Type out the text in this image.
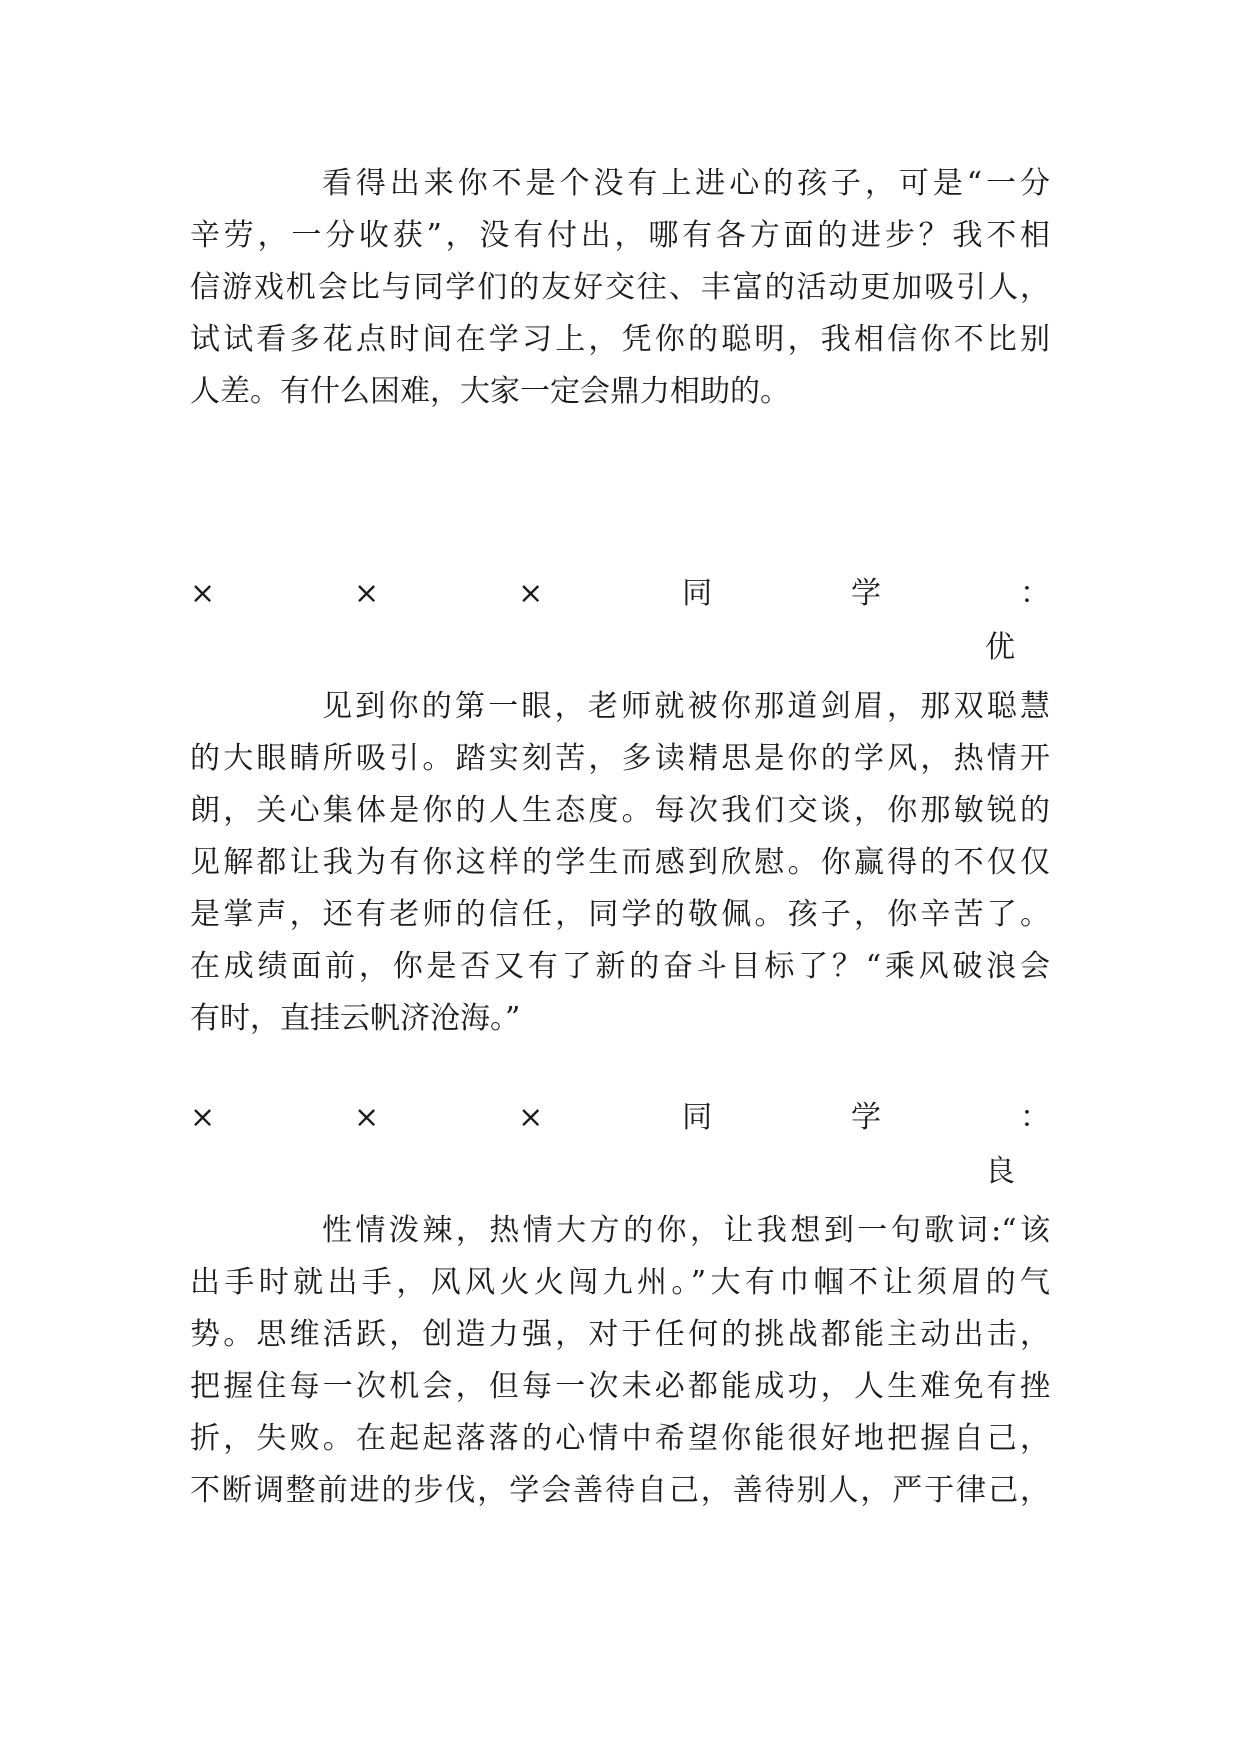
看得出来你不是个没有上进心的孩子，可是“一分
辛劳，一分收获”，没有付出，哪有各方面的进步？我不相
信游戏机会比与同学们的友好交往、丰富的活动更加吸引人，
试试看多花点时间在学习上，凭你的聪明，我相信你不比别
人差。有什么困难，大家一定会鼎力相助的。
×	×	×	同	学	：
优
见到你的第一眼，老师就被你那道剑眉，那双聪慧
的大眼睛所吸引。踏实刻苦，多读精思是你的学风，热情开
朗，关心集体是你的人生态度。每次我们交谈，你那敏锐的
见解都让我为有你这样的学生而感到欣慰。你赢得的不仅仅
是掌声，还有老师的信任，同学的敬佩。孩子，你辛苦了。
在成绩面前，你是否又有了新的奋斗目标了？“乘风破浪会
有时，直挂云帆济沧海。”
×	×	×	同	学	：
良
性情泼辣，热情大方的你，让我想到一句歌词:“该
出手时就出手，风风火火闯九州。”大有巾帼不让须眉的气
势。思维活跃，创造力强，对于任何的挑战都能主动出击，
把握住每一次机会，但每一次未必都能成功，人生难免有挫
折，失败。在起起落落的心情中希望你能很好地把握自己，
不断调整前进的步伐，学会善待自己，善待别人，严于律己，
